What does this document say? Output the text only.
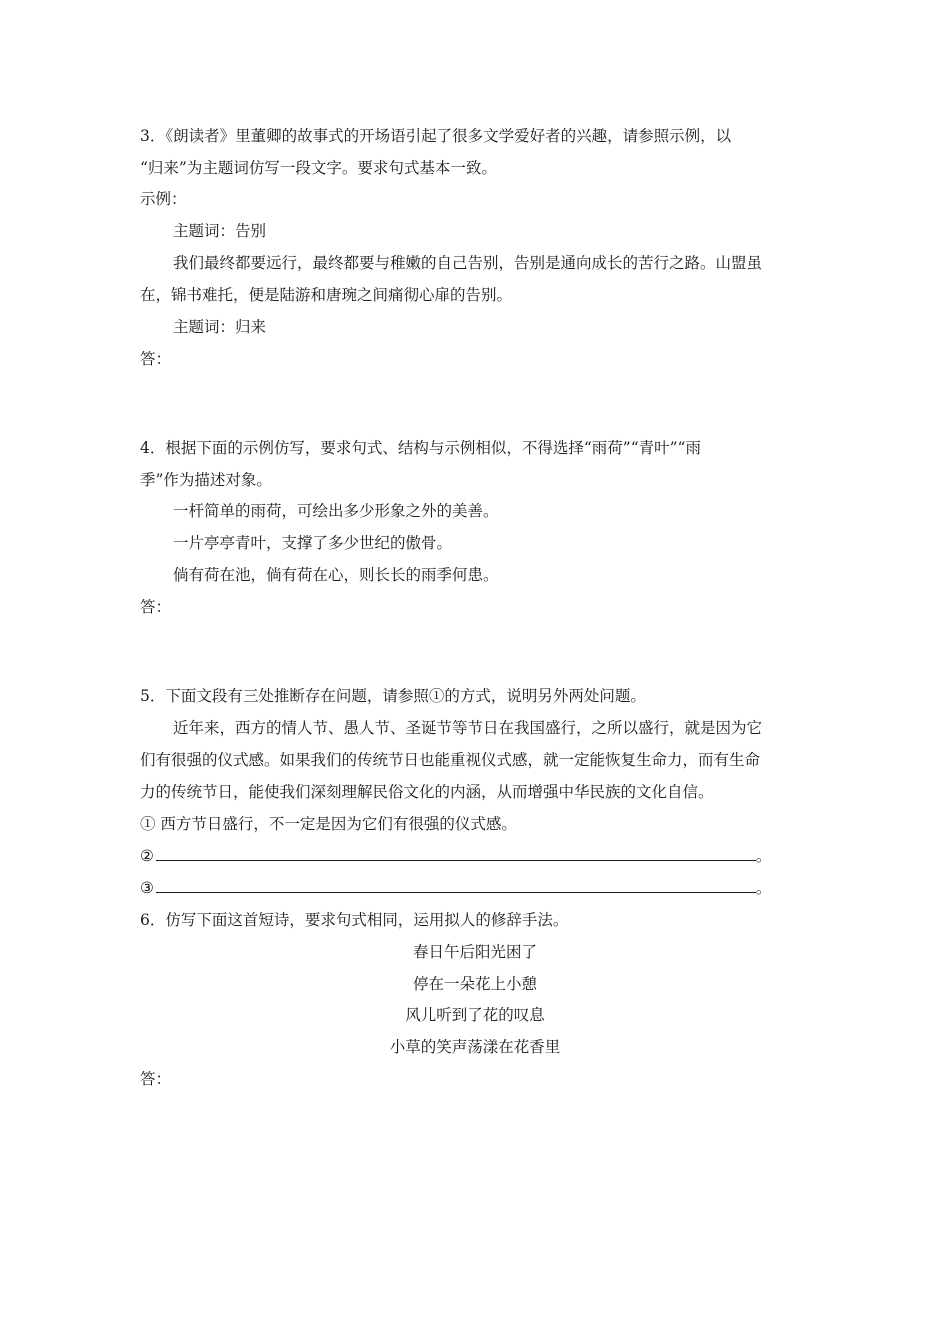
3．《朗读者》里董卿的故事式的开场语引起了很多文学爱好者的兴趣，请参照示例，以
“归来”为主题词仿写一段文字。要求句式基本一致。
示例：
主题词：告别
我们最终都要远行，最终都要与稚嫩的自己告别，告别是通向成长的苦行之路。山盟虽
在，锦书难托，便是陆游和唐琬之间痛彻心扉的告别。
主题词：归来
答：
4．根据下面的示例仿写，要求句式、结构与示例相似，不得选择“雨荷”“青叶”“雨
季”作为描述对象。
一杆简单的雨荷，可绘出多少形象之外的美善。
一片亭亭青叶，支撑了多少世纪的傲骨。
倘有荷在池，倘有荷在心，则长长的雨季何患。
答：
5．下面文段有三处推断存在问题，请参照①的方式，说明另外两处问题。
近年来，西方的情人节、愚人节、圣诞节等节日在我国盛行，之所以盛行，就是因为它
们有很强的仪式感。如果我们的传统节日也能重视仪式感，就一定能恢复生命力，而有生命
力的传统节日，能使我们深刻理解民俗文化的内涵，从而增强中华民族的文化自信。
① 西方节日盛行，不一定是因为它们有很强的仪式感。
②	。
③	。
6．仿写下面这首短诗，要求句式相同，运用拟人的修辞手法。
春日午后阳光困了
停在一朵花上小憩
风儿听到了花的叹息
小草的笑声荡漾在花香里
答：
